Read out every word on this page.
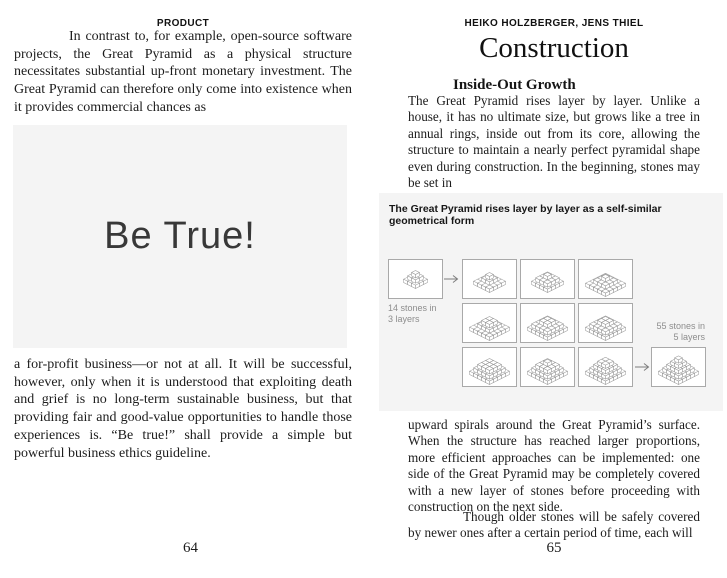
PRODUCT

In contrast to, for example, open-source software projects, the Great Pyramid as a physical structure necessitates substantial up-front monetary investment. The Great Pyramid can therefore only come into existence when it provides commercial chances as

Be True!

a for-profit business—or not at all. It will be successful, however, only when it is understood that exploiting death and grief is no long-term sustainable business, but that providing fair and good-value opportunities to handle those experiences is. “Be true!” shall provide a simple but powerful business ethics guideline.

64
HEIKO HOLZBERGER, JENS THIEL
Construction
Inside-Out Growth

The Great Pyramid rises layer by layer. Unlike a house, it has no ultimate size, but grows like a tree in annual rings, inside out from its core, allowing the structure to maintain a nearly perfect pyramidal shape even during construction. In the beginning, stones may be set in

The Great Pyramid rises layer by layer as a self-similar geometrical form
14 stones in
3 layers
55 stones in
5 layers

upward spirals around the Great Pyramid’s surface. When the structure has reached larger proportions, more efficient approaches can be implemented: one side of the Great Pyramid may be completely covered with a new layer of stones before proceeding with construction on the next side.

Though older stones will be safely covered by newer ones after a certain period of time, each will

65
